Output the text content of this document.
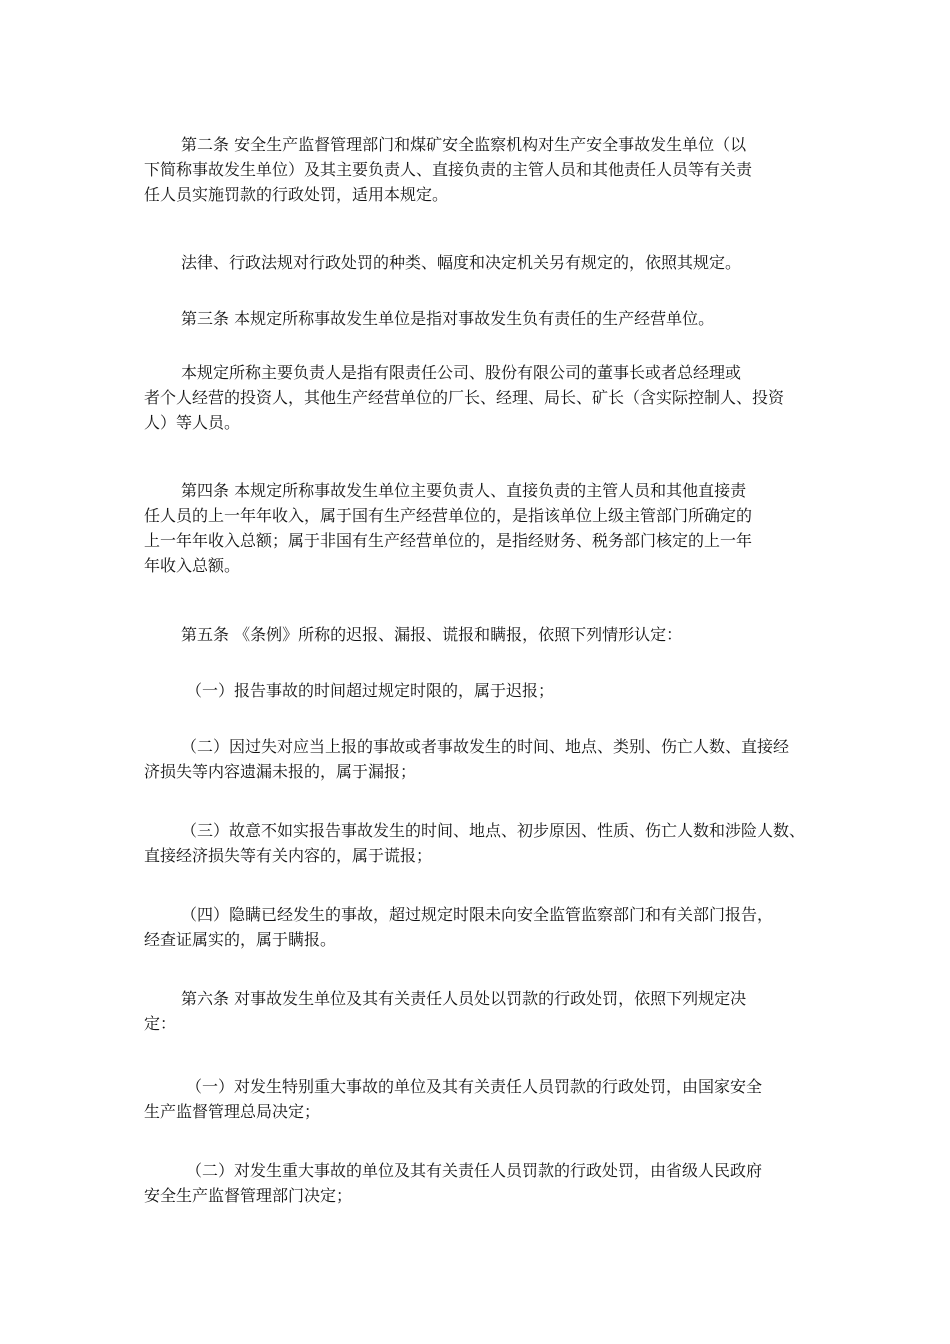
第二条 安全生产监督管理部门和煤矿安全监察机构对生产安全事故发生单位（以
下简称事故发生单位）及其主要负责人、直接负责的主管人员和其他责任人员等有关责
任人员实施罚款的行政处罚，适用本规定。

法律、行政法规对行政处罚的种类、幅度和决定机关另有规定的，依照其规定。

第三条 本规定所称事故发生单位是指对事故发生负有责任的生产经营单位。

本规定所称主要负责人是指有限责任公司、股份有限公司的董事长或者总经理或
者个人经营的投资人，其他生产经营单位的厂长、经理、局长、矿长（含实际控制人、投资
人）等人员。

第四条 本规定所称事故发生单位主要负责人、直接负责的主管人员和其他直接责
任人员的上一年年收入，属于国有生产经营单位的，是指该单位上级主管部门所确定的
上一年年收入总额；属于非国有生产经营单位的，是指经财务、税务部门核定的上一年
年收入总额。

第五条 《条例》所称的迟报、漏报、谎报和瞒报，依照下列情形认定：

（一）报告事故的时间超过规定时限的，属于迟报；

（二）因过失对应当上报的事故或者事故发生的时间、地点、类别、伤亡人数、直接经
济损失等内容遗漏未报的，属于漏报；

（三）故意不如实报告事故发生的时间、地点、初步原因、性质、伤亡人数和涉险人数、
直接经济损失等有关内容的，属于谎报；

（四）隐瞒已经发生的事故，超过规定时限未向安全监管监察部门和有关部门报告，
经查证属实的，属于瞒报。

第六条 对事故发生单位及其有关责任人员处以罚款的行政处罚，依照下列规定决
定：

（一）对发生特别重大事故的单位及其有关责任人员罚款的行政处罚，由国家安全
生产监督管理总局决定；

（二）对发生重大事故的单位及其有关责任人员罚款的行政处罚，由省级人民政府
安全生产监督管理部门决定；
